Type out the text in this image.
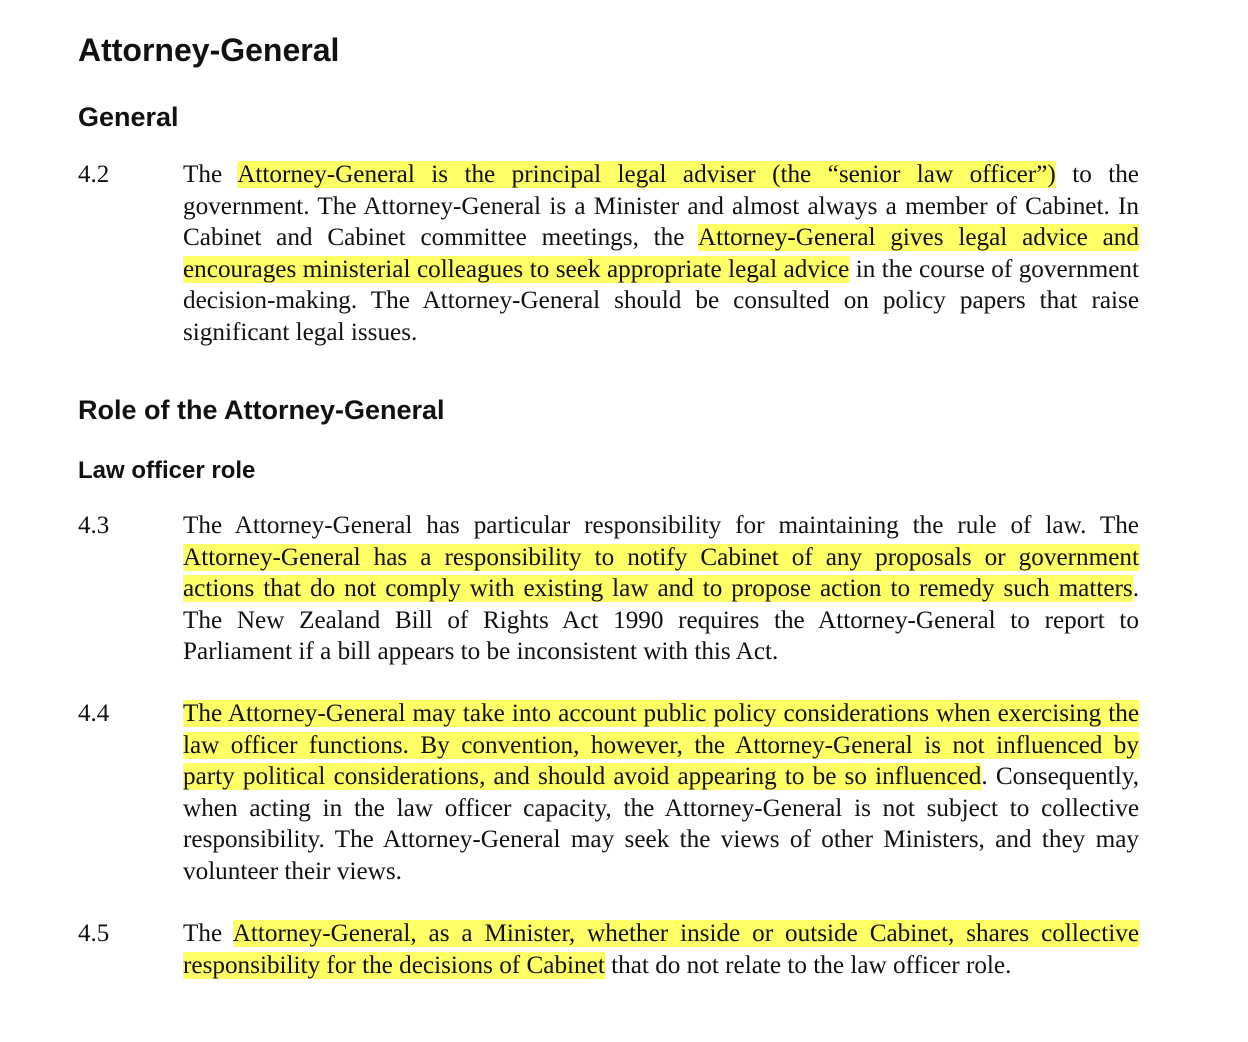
Attorney-General
General
4.2	The Attorney-General is the principal legal adviser (the “senior law officer”) to the government. The Attorney-General is a Minister and almost always a member of Cabinet. In Cabinet and Cabinet committee meetings, the Attorney-General gives legal advice and encourages ministerial colleagues to seek appropriate legal advice in the course of government decision-making. The Attorney-General should be consulted on policy papers that raise significant legal issues.

Role of the Attorney-General
Law officer role
4.3	The Attorney-General has particular responsibility for maintaining the rule of law. The Attorney-General has a responsibility to notify Cabinet of any proposals or government actions that do not comply with existing law and to propose action to remedy such matters. The New Zealand Bill of Rights Act 1990 requires the Attorney-General to report to Parliament if a bill appears to be inconsistent with this Act.

4.4	The Attorney-General may take into account public policy considerations when exercising the law officer functions. By convention, however, the Attorney-General is not influenced by party political considerations, and should avoid appearing to be so influenced. Consequently, when acting in the law officer capacity, the Attorney-General is not subject to collective responsibility. The Attorney-General may seek the views of other Ministers, and they may volunteer their views.

4.5	The Attorney-General, as a Minister, whether inside or outside Cabinet, shares collective responsibility for the decisions of Cabinet that do not relate to the law officer role.
